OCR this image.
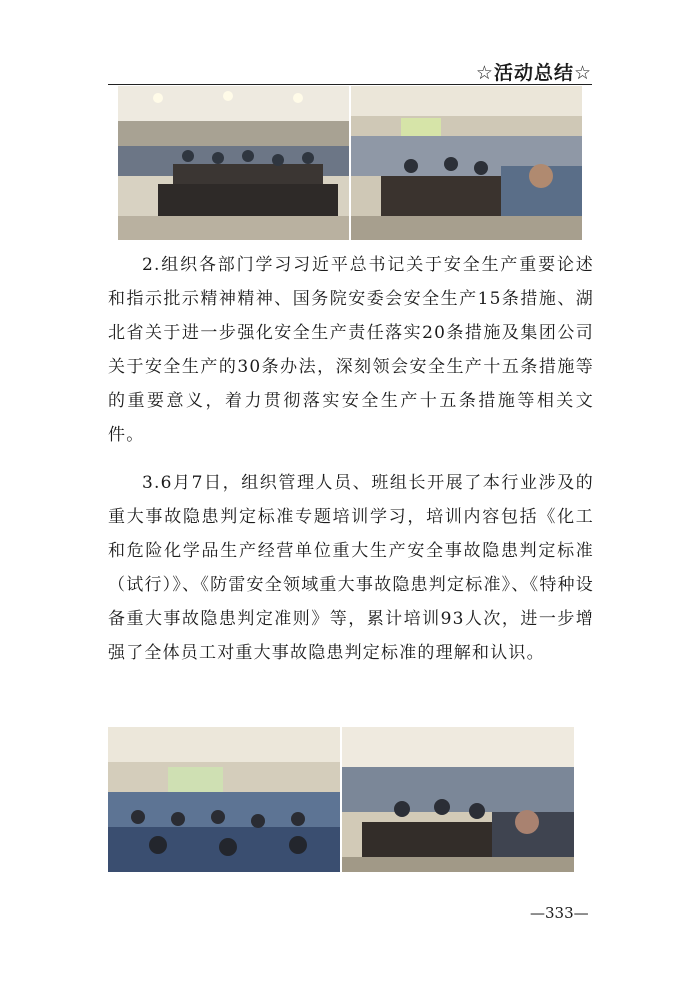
☆活动总结☆

2.组织各部门学习习近平总书记关于安全生产重要论述和指示批示精神精神、国务院安委会安全生产15条措施、湖北省关于进一步强化安全生产责任落实20条措施及集团公司关于安全生产的30条办法，深刻领会安全生产十五条措施等的重要意义，着力贯彻落实安全生产十五条措施等相关文件。

3.6月7日，组织管理人员、班组长开展了本行业涉及的重大事故隐患判定标准专题培训学习，培训内容包括《化工和危险化学品生产经营单位重大生产安全事故隐患判定标准（试行）》、《防雷安全领域重大事故隐患判定标准》、《特种设备重大事故隐患判定准则》等，累计培训93人次，进一步增强了全体员工对重大事故隐患判定标准的理解和认识。

—333—
